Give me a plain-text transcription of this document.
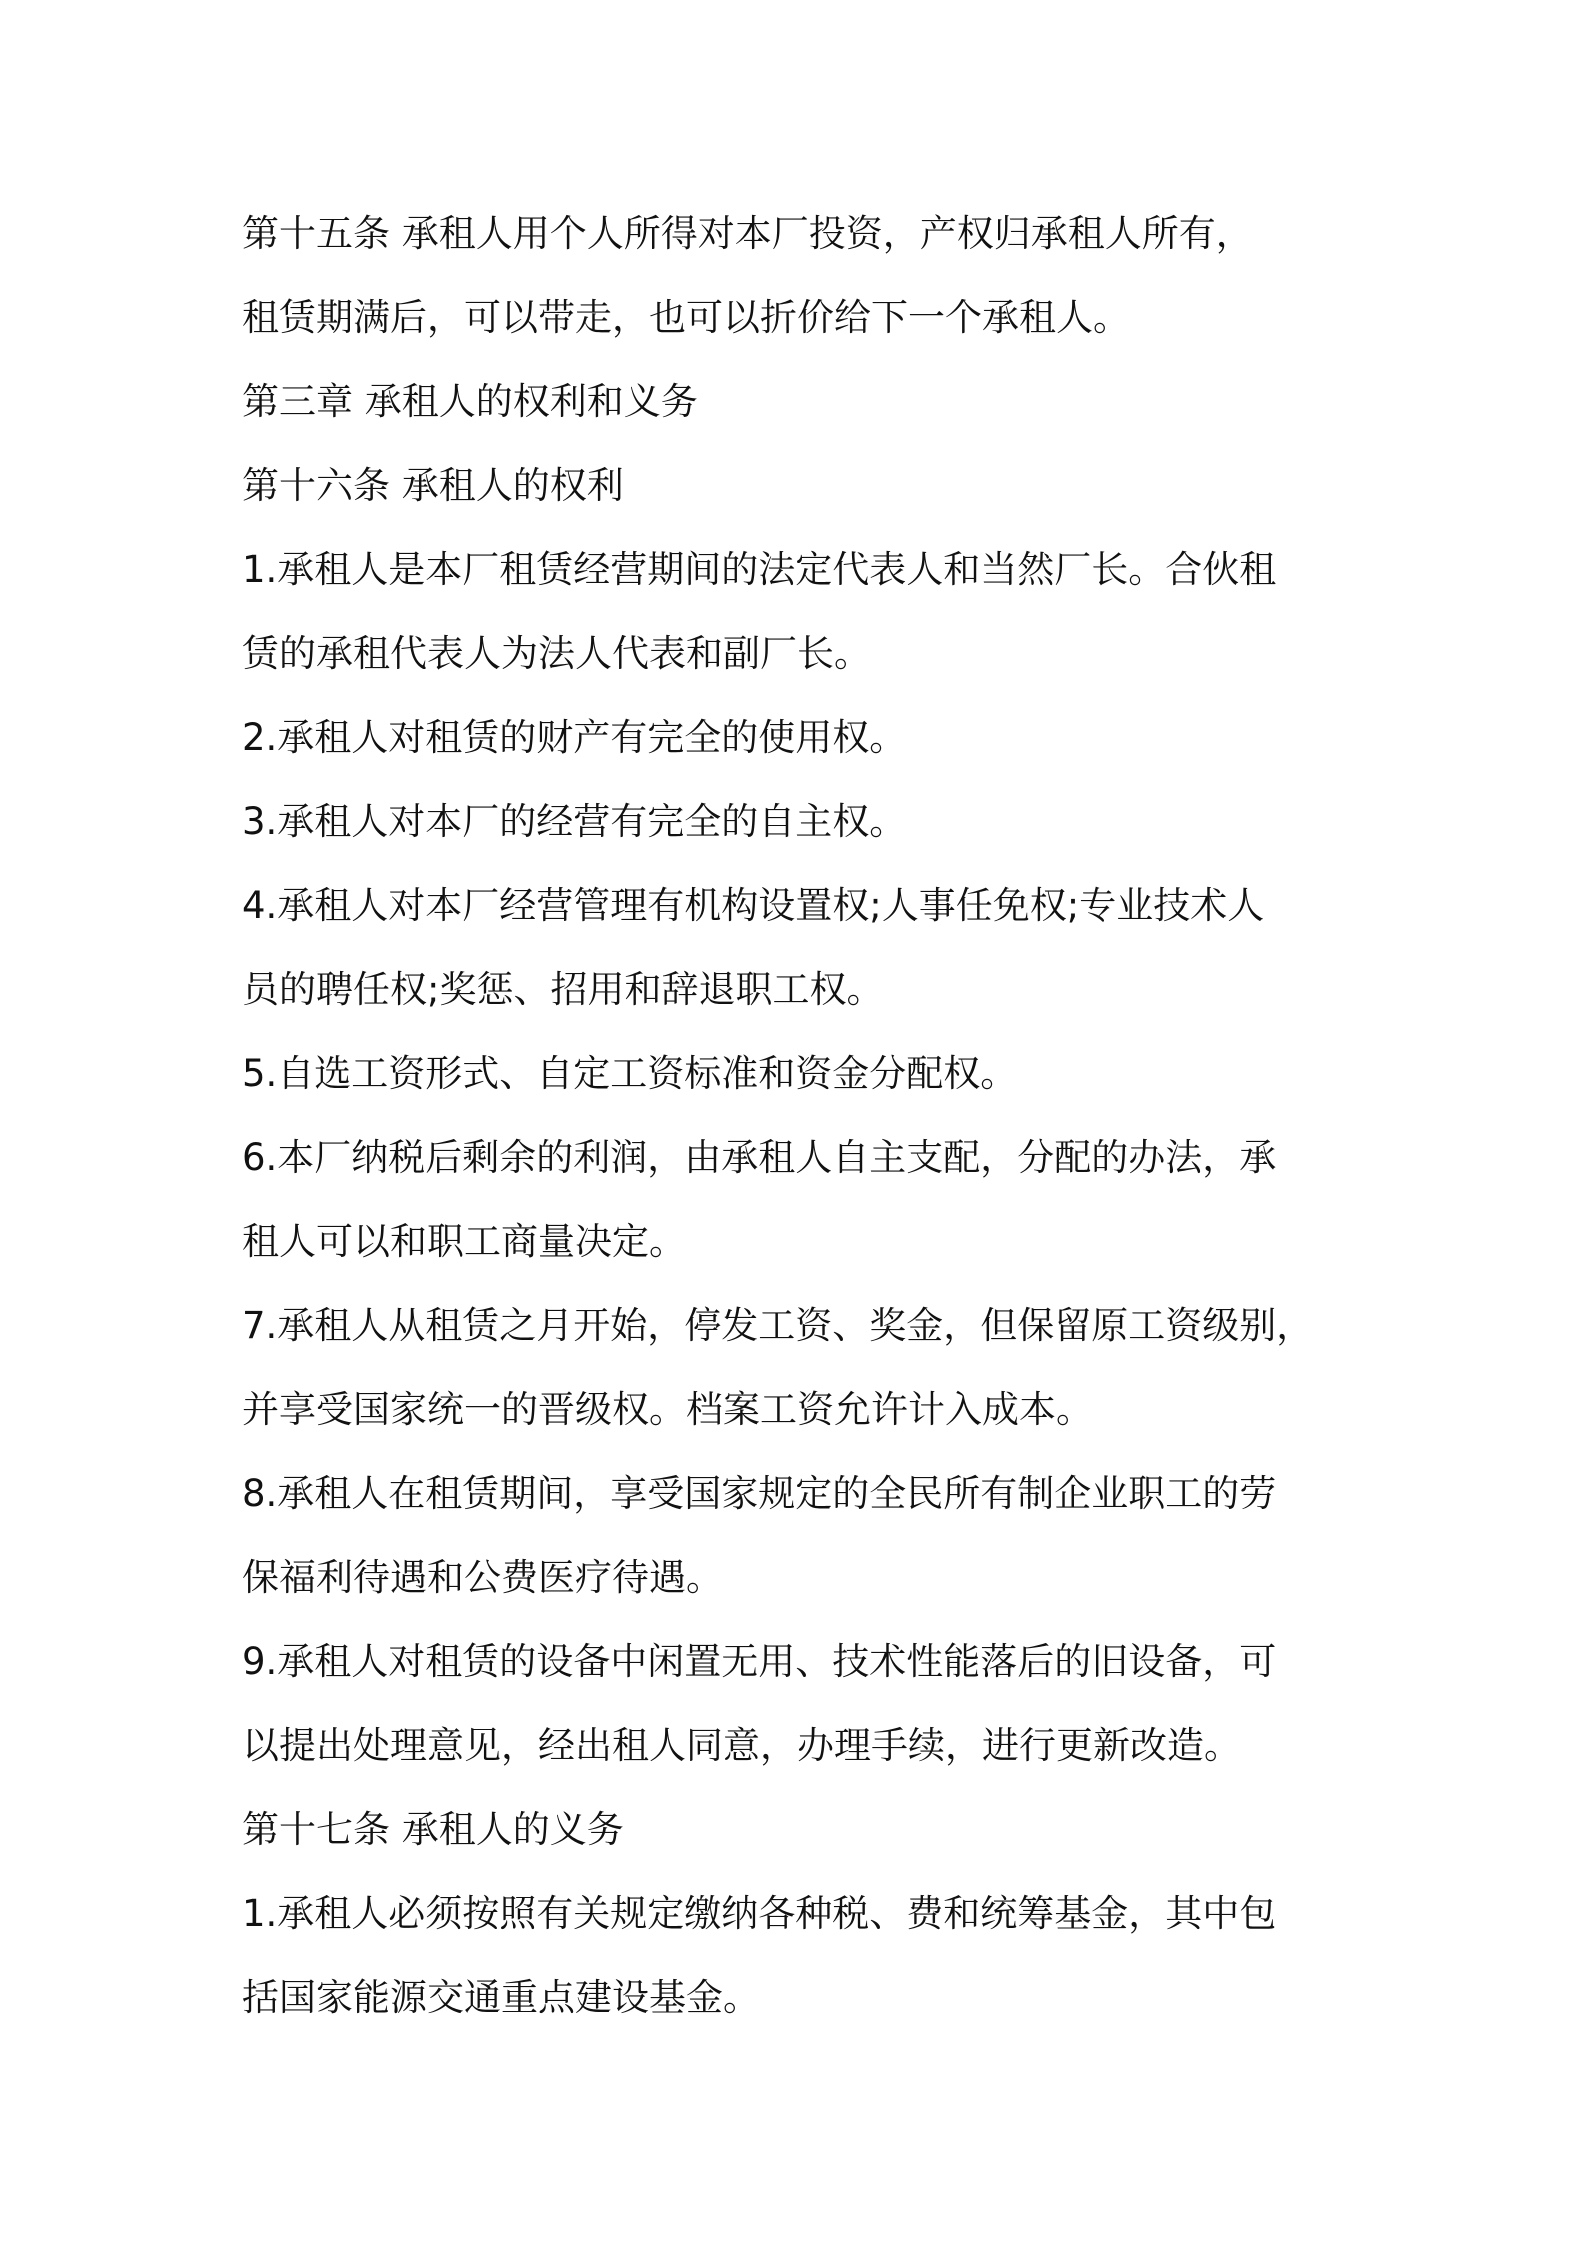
第十五条 承租人用个人所得对本厂投资，产权归承租人所有，
租赁期满后，可以带走，也可以折价给下一个承租人。
第三章 承租人的权利和义务
第十六条 承租人的权利
1.承租人是本厂租赁经营期间的法定代表人和当然厂长。合伙租
赁的承租代表人为法人代表和副厂长。
2.承租人对租赁的财产有完全的使用权。
3.承租人对本厂的经营有完全的自主权。
4.承租人对本厂经营管理有机构设置权;人事任免权;专业技术人
员的聘任权;奖惩、招用和辞退职工权。
5.自选工资形式、自定工资标准和资金分配权。
6.本厂纳税后剩余的利润，由承租人自主支配，分配的办法，承
租人可以和职工商量决定。
7.承租人从租赁之月开始，停发工资、奖金，但保留原工资级别，
并享受国家统一的晋级权。档案工资允许计入成本。
8.承租人在租赁期间，享受国家规定的全民所有制企业职工的劳
保福利待遇和公费医疗待遇。
9.承租人对租赁的设备中闲置无用、技术性能落后的旧设备，可
以提出处理意见，经出租人同意，办理手续，进行更新改造。
第十七条 承租人的义务
1.承租人必须按照有关规定缴纳各种税、费和统筹基金，其中包
括国家能源交通重点建设基金。
